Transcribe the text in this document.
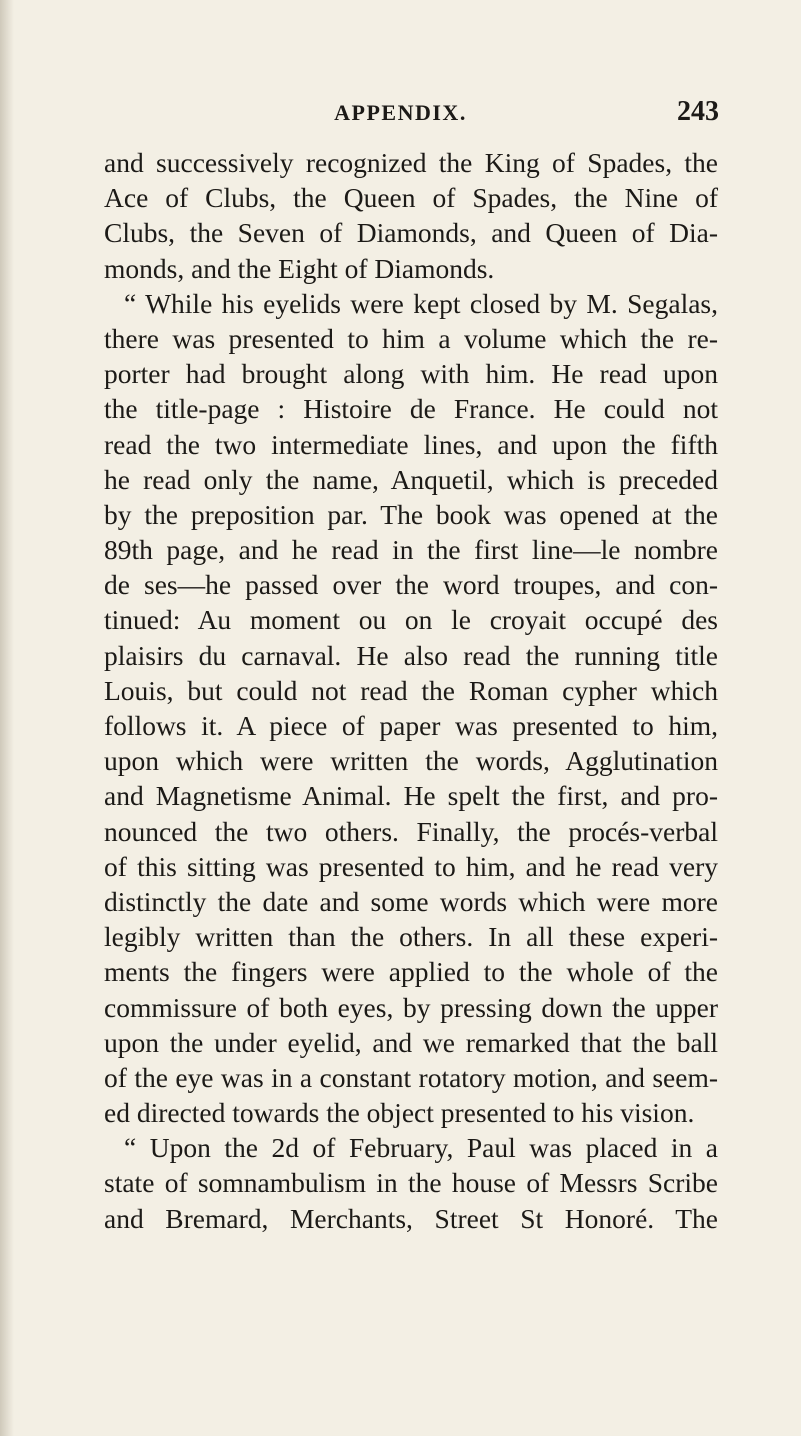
APPENDIX.	243
and successively recognized the King of Spades, the
Ace of Clubs, the Queen of Spades, the Nine of
Clubs, the Seven of Diamonds, and Queen of Dia-
monds, and the Eight of Diamonds.
“ While his eyelids were kept closed by M. Segalas,
there was presented to him a volume which the re-
porter had brought along with him. He read upon
the title-page : Histoire de France. He could not
read the two intermediate lines, and upon the fifth
he read only the name, Anquetil, which is preceded
by the preposition par. The book was opened at the
89th page, and he read in the first line—le nombre
de ses—he passed over the word troupes, and con-
tinued: Au moment ou on le croyait occupé des
plaisirs du carnaval. He also read the running title
Louis, but could not read the Roman cypher which
follows it. A piece of paper was presented to him,
upon which were written the words, Agglutination
and Magnetisme Animal. He spelt the first, and pro-
nounced the two others. Finally, the procés-verbal
of this sitting was presented to him, and he read very
distinctly the date and some words which were more
legibly written than the others. In all these experi-
ments the fingers were applied to the whole of the
commissure of both eyes, by pressing down the upper
upon the under eyelid, and we remarked that the ball
of the eye was in a constant rotatory motion, and seem-
ed directed towards the object presented to his vision.
“ Upon the 2d of February, Paul was placed in a
state of somnambulism in the house of Messrs Scribe
and Bremard, Merchants, Street St Honoré. The
